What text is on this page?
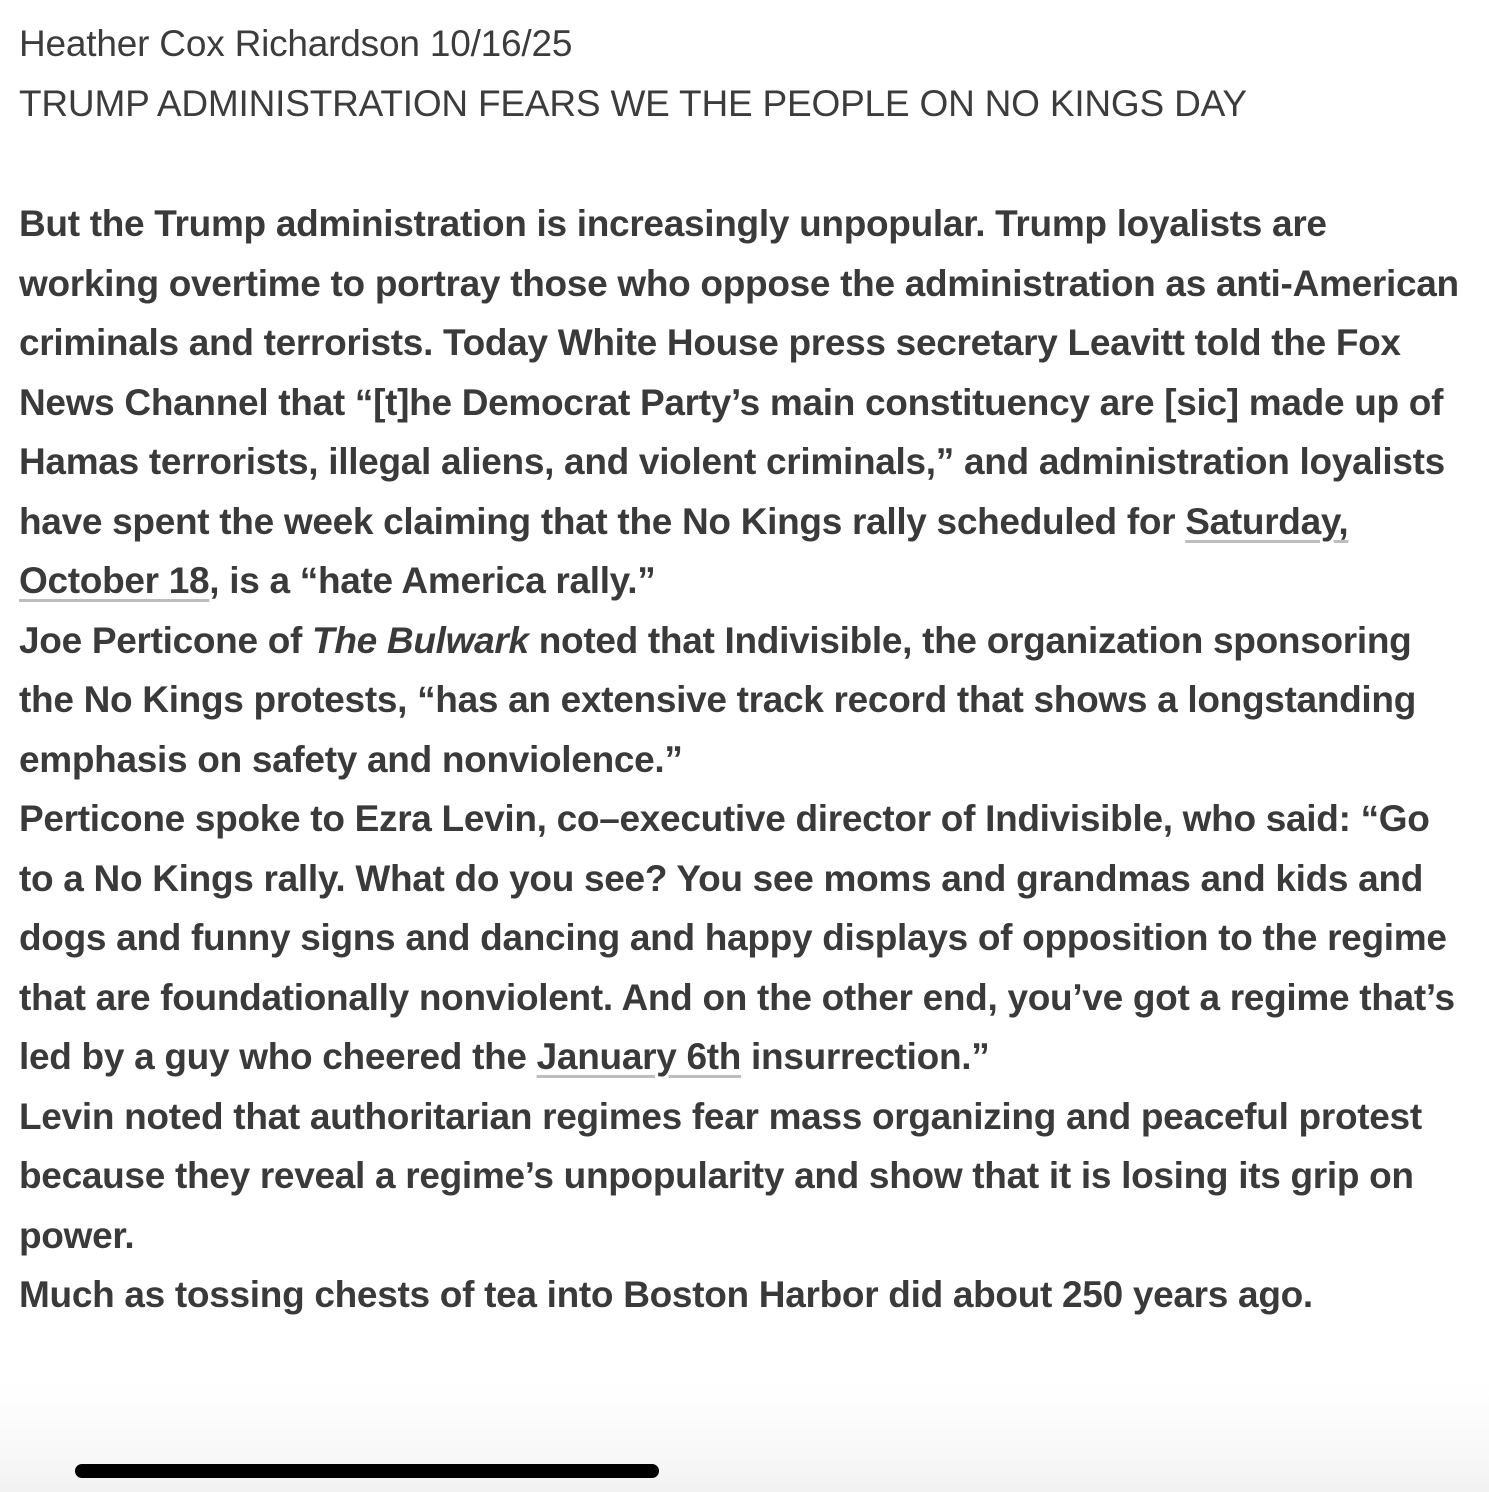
Heather Cox Richardson 10/16/25
TRUMP ADMINISTRATION FEARS WE THE PEOPLE ON NO KINGS DAY

But the Trump administration is increasingly unpopular. Trump loyalists are working overtime to portray those who oppose the administration as anti-American criminals and terrorists. Today White House press secretary Leavitt told the Fox News Channel that “[t]he Democrat Party’s main constituency are [sic] made up of Hamas terrorists, illegal aliens, and violent criminals,” and administration loyalists have spent the week claiming that the No Kings rally scheduled for Saturday, October 18, is a “hate America rally.”

Joe Perticone of The Bulwark noted that Indivisible, the organization sponsoring the No Kings protests, “has an extensive track record that shows a longstanding emphasis on safety and nonviolence.”

Perticone spoke to Ezra Levin, co–executive director of Indivisible, who said: “Go to a No Kings rally. What do you see? You see moms and grandmas and kids and dogs and funny signs and dancing and happy displays of opposition to the regime that are foundationally nonviolent. And on the other end, you’ve got a regime that’s led by a guy who cheered the January 6th insurrection.”

Levin noted that authoritarian regimes fear mass organizing and peaceful protest because they reveal a regime’s unpopularity and show that it is losing its grip on power.

Much as tossing chests of tea into Boston Harbor did about 250 years ago.
